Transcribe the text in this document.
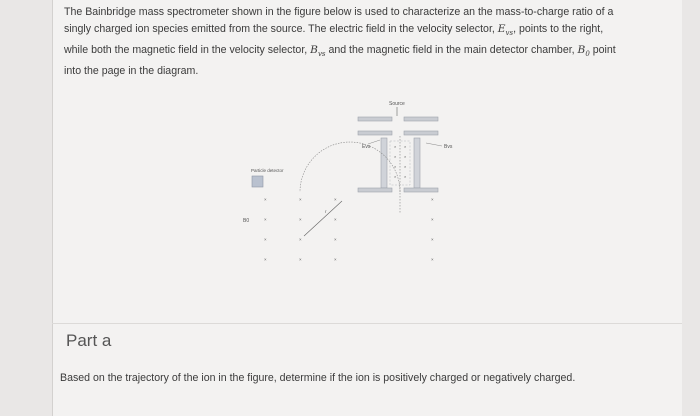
The Bainbridge mass spectrometer shown in the figure below is used to characterize an the mass-to-charge ratio of a singly charged ion species emitted from the source. The electric field in the velocity selector, $E_{vs}$, points to the right, while both the magnetic field in the velocity selector, $B_{vs}$ and the magnetic field in the main detector chamber, $B_0$ point into the page in the diagram.
Source
× ×
× ×
× ×
× ×
Evs	Bvs
Particle detector
×	×	×	×
×	×	×	×
×	×	×	×
×	×	×	×
B0
r
Part a

Based on the trajectory of the ion in the figure, determine if the ion is positively charged or negatively charged.
